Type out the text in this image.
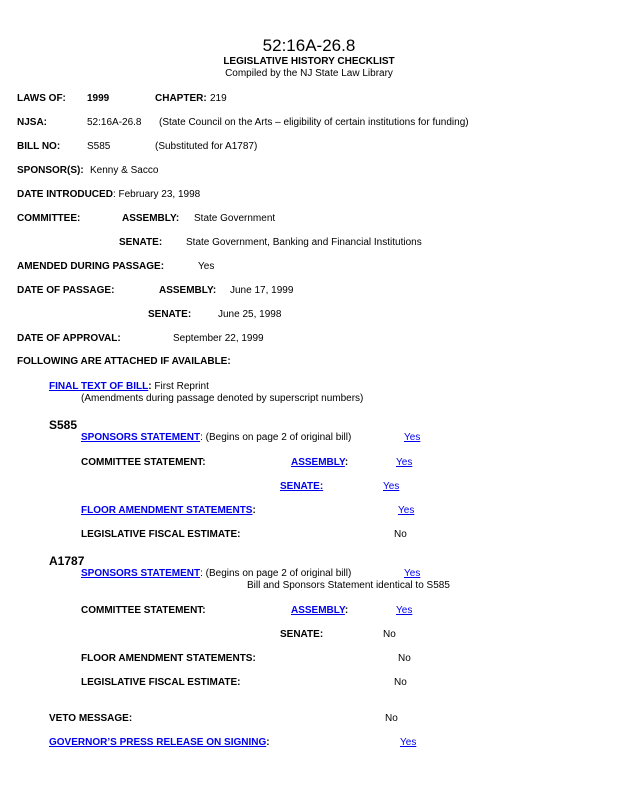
52:16A-26.8
LEGISLATIVE HISTORY CHECKLIST
Compiled by the NJ State Law Library
LAWS OF: 1999	CHAPTER: 219
NJSA:	52:16A-26.8 (State Council on the Arts – eligibility of certain institutions for funding)
BILL NO:	S585	(Substituted for A1787)
SPONSOR(S): Kenny & Sacco
DATE INTRODUCED: February 23, 1998
COMMITTEE:	ASSEMBLY: State Government
SENATE: State Government, Banking and Financial Institutions
AMENDED DURING PASSAGE:	Yes
DATE OF PASSAGE:	ASSEMBLY: June 17, 1999
SENATE:	June 25, 1998
DATE OF APPROVAL:	September 22, 1999
FOLLOWING ARE ATTACHED IF AVAILABLE:
FINAL TEXT OF BILL: First Reprint
(Amendments during passage denoted by superscript numbers)
S585
SPONSORS STATEMENT: (Begins on page 2 of original bill)	Yes
COMMITTEE STATEMENT:	ASSEMBLY:	Yes
SENATE:	Yes
FLOOR AMENDMENT STATEMENTS:	Yes
LEGISLATIVE FISCAL ESTIMATE:	No
A1787
SPONSORS STATEMENT: (Begins on page 2 of original bill)	Yes
Bill and Sponsors Statement identical to S585
COMMITTEE STATEMENT:	ASSEMBLY:	Yes
SENATE:	No
FLOOR AMENDMENT STATEMENTS:	No
LEGISLATIVE FISCAL ESTIMATE:	No
VETO MESSAGE:	No
GOVERNOR’S PRESS RELEASE ON SIGNING:	Yes
